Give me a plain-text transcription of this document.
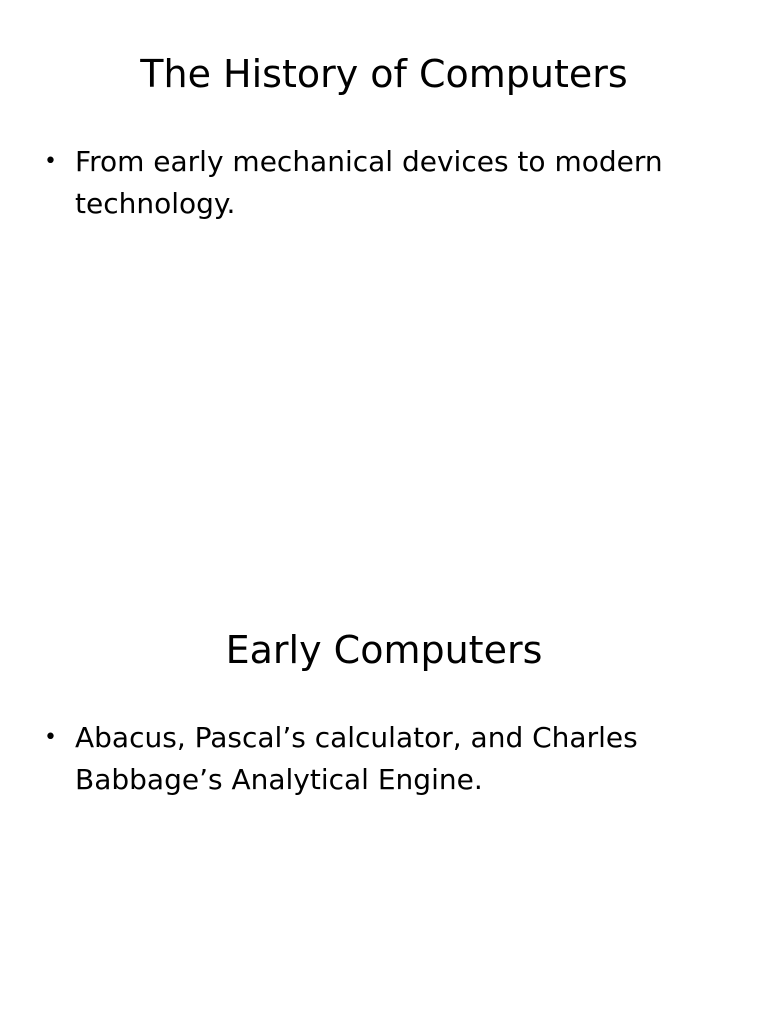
The History of Computers
• From early mechanical devices to modern technology.
Early Computers
• Abacus, Pascal’s calculator, and Charles Babbage’s Analytical Engine.
